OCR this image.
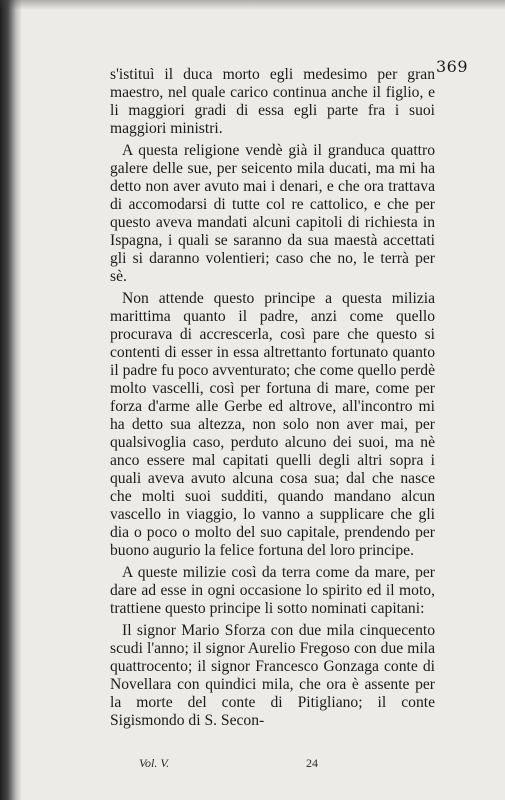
369

s'istituì il duca morto egli medesimo per gran maestro, nel quale carico continua anche il figlio, e li maggiori gradi di essa egli parte fra i suoi maggiori ministri.

A questa religione vendè già il granduca quattro galere delle sue, per seicento mila ducati, ma mi ha detto non aver avuto mai i denari, e che ora trattava di accomodarsi di tutte col re cattolico, e che per questo aveva mandati alcuni capitoli di richiesta in Ispagna, i quali se saranno da sua maestà accettati gli si daranno volentieri; caso che no, le terrà per sè.

Non attende questo principe a questa milizia marittima quanto il padre, anzi come quello procurava di accrescerla, così pare che questo si contenti di esser in essa altrettanto fortunato quanto il padre fu poco avventurato; che come quello perdè molto vascelli, così per fortuna di mare, come per forza d'arme alle Gerbe ed altrove, all'incontro mi ha detto sua altezza, non solo non aver mai, per qualsivoglia caso, perduto alcuno dei suoi, ma nè anco essere mal capitati quelli degli altri sopra i quali aveva avuto alcuna cosa sua; dal che nasce che molti suoi sudditi, quando mandano alcun vascello in viaggio, lo vanno a supplicare che gli dia o poco o molto del suo capitale, prendendo per buono augurio la felice fortuna del loro principe.

A queste milizie così da terra come da mare, per dare ad esse in ogni occasione lo spirito ed il moto, trattiene questo principe li sotto nominati capitani:

Il signor Mario Sforza con due mila cinquecento scudi l'anno; il signor Aurelio Fregoso con due mila quattrocento; il signor Francesco Gonzaga conte di Novellara con quindici mila, che ora è assente per la morte del conte di Pitigliano; il conte Sigismondo di S. Secon-

Vol. V.	24
